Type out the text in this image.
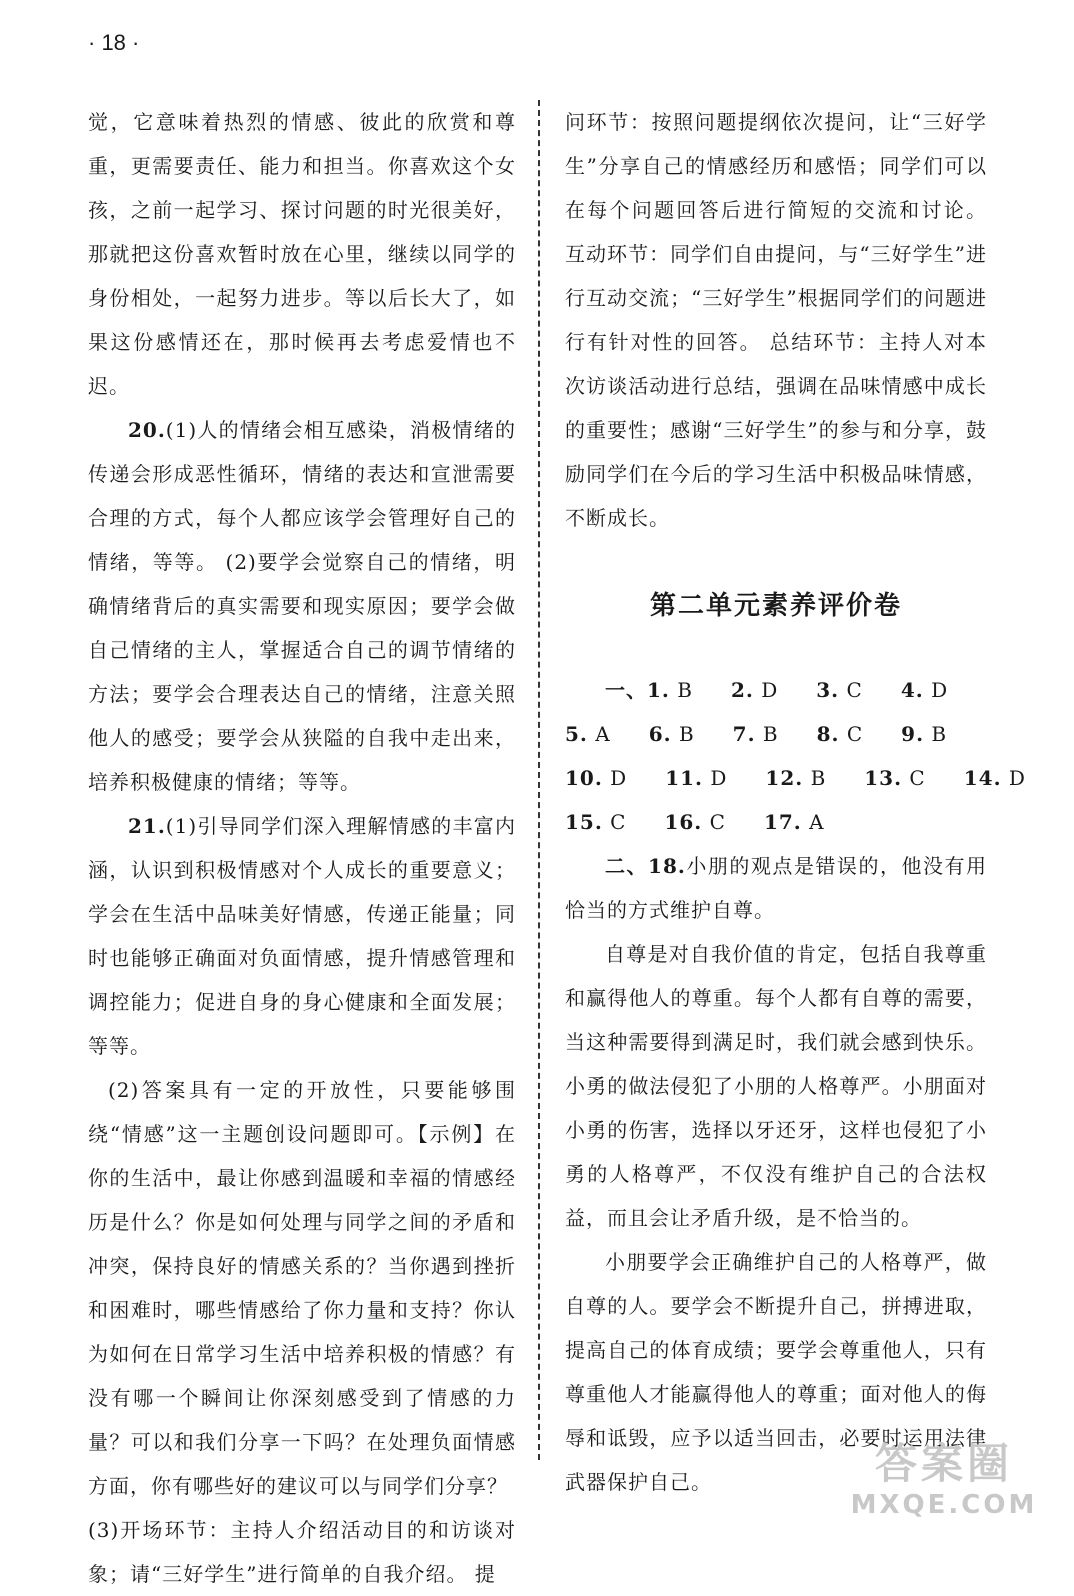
· 18 ·

觉，它意味着热烈的情感、彼此的欣赏和尊重，更需要责任、能力和担当。你喜欢这个女孩，之前一起学习、探讨问题的时光很美好，那就把这份喜欢暂时放在心里，继续以同学的身份相处，一起努力进步。等以后长大了，如果这份感情还在，那时候再去考虑爱情也不迟。

20.(1)人的情绪会相互感染，消极情绪的传递会形成恶性循环，情绪的表达和宣泄需要合理的方式，每个人都应该学会管理好自己的情绪，等等。 (2)要学会觉察自己的情绪，明确情绪背后的真实需要和现实原因；要学会做自己情绪的主人，掌握适合自己的调节情绪的方法；要学会合理表达自己的情绪，注意关照他人的感受；要学会从狭隘的自我中走出来，培养积极健康的情绪；等等。

21.(1)引导同学们深入理解情感的丰富内涵，认识到积极情感对个人成长的重要意义；学会在生活中品味美好情感，传递正能量；同时也能够正确面对负面情感，提升情感管理和调控能力；促进自身的身心健康和全面发展；等等。

(2)答案具有一定的开放性，只要能够围绕“情感”这一主题创设问题即可。【示例】在你的生活中，最让你感到温暖和幸福的情感经历是什么？你是如何处理与同学之间的矛盾和冲突，保持良好的情感关系的？当你遇到挫折和困难时，哪些情感给了你力量和支持？你认为如何在日常学习生活中培养积极的情感？有没有哪一个瞬间让你深刻感受到了情感的力量？可以和我们分享一下吗？在处理负面情感方面，你有哪些好的建议可以与同学们分享？

(3)开场环节：主持人介绍活动目的和访谈对象；请“三好学生”进行简单的自我介绍。 提

问环节：按照问题提纲依次提问，让“三好学生”分享自己的情感经历和感悟；同学们可以在每个问题回答后进行简短的交流和讨论。 互动环节：同学们自由提问，与“三好学生”进行互动交流；“三好学生”根据同学们的问题进行有针对性的回答。 总结环节：主持人对本次访谈活动进行总结，强调在品味情感中成长的重要性；感谢“三好学生”的参与和分享，鼓励同学们在今后的学习生活中积极品味情感，不断成长。

第二单元素养评价卷
一、1. B 2. D 3. C 4. D
5. A 6. B 7. B 8. C 9. B
10. D 11. D 12. B 13. C 14. D
15. C 16. C 17. A

二、18.小朋的观点是错误的，他没有用恰当的方式维护自尊。

自尊是对自我价值的肯定，包括自我尊重和赢得他人的尊重。每个人都有自尊的需要，当这种需要得到满足时，我们就会感到快乐。小勇的做法侵犯了小朋的人格尊严。小朋面对小勇的伤害，选择以牙还牙，这样也侵犯了小勇的人格尊严，不仅没有维护自己的合法权益，而且会让矛盾升级，是不恰当的。

小朋要学会正确维护自己的人格尊严，做自尊的人。要学会不断提升自己，拼搏进取，提高自己的体育成绩；要学会尊重他人，只有尊重他人才能赢得他人的尊重；面对他人的侮辱和诋毁，应予以适当回击，必要时运用法律武器保护自己。	答案圈
MXQE.COM
